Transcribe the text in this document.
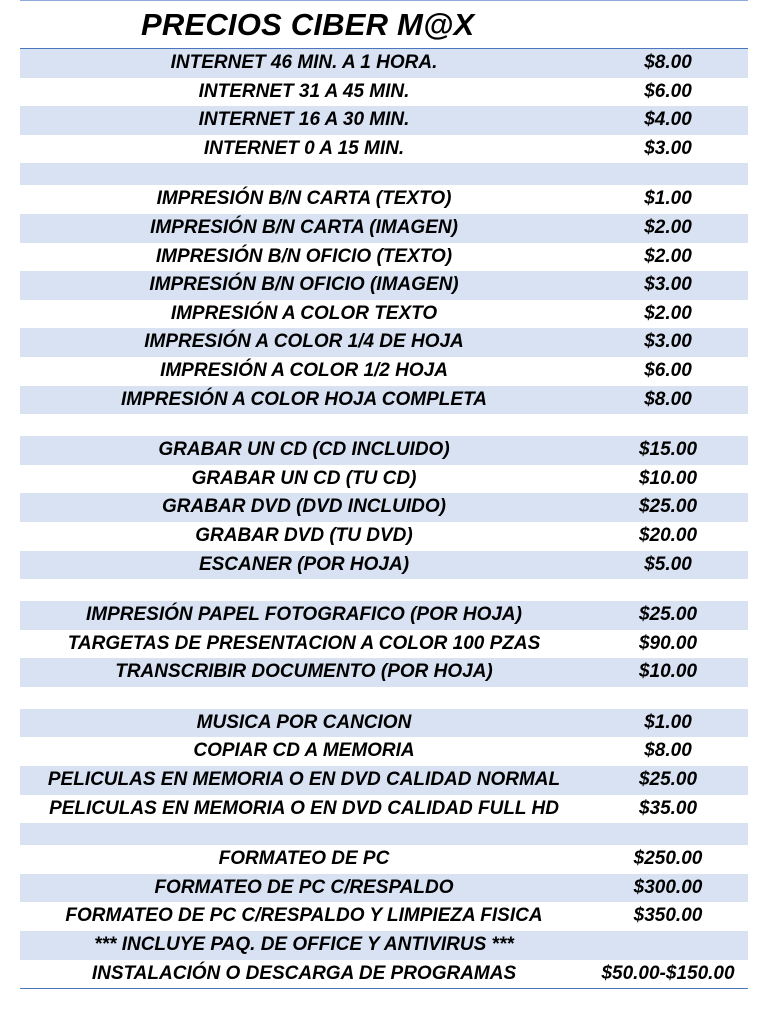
PRECIOS CIBER M@X
INTERNET 46 MIN. A 1 HORA.	$8.00
INTERNET 31 A 45 MIN.	$6.00
INTERNET 16 A 30 MIN.	$4.00
INTERNET 0 A 15 MIN.	$3.00
IMPRESIÓN B/N CARTA (TEXTO)	$1.00
IMPRESIÓN B/N CARTA (IMAGEN)	$2.00
IMPRESIÓN B/N OFICIO (TEXTO)	$2.00
IMPRESIÓN B/N OFICIO (IMAGEN)	$3.00
IMPRESIÓN A COLOR TEXTO	$2.00
IMPRESIÓN A COLOR 1/4 DE HOJA	$3.00
IMPRESIÓN A COLOR 1/2 HOJA	$6.00
IMPRESIÓN A COLOR HOJA COMPLETA	$8.00
GRABAR UN CD (CD INCLUIDO)	$15.00
GRABAR UN CD (TU CD)	$10.00
GRABAR DVD (DVD INCLUIDO)	$25.00
GRABAR DVD (TU DVD)	$20.00
ESCANER (POR HOJA)	$5.00
IMPRESIÓN PAPEL FOTOGRAFICO (POR HOJA)	$25.00
TARGETAS DE PRESENTACION A COLOR 100 PZAS	$90.00
TRANSCRIBIR DOCUMENTO (POR HOJA)	$10.00
MUSICA POR CANCION	$1.00
COPIAR CD A MEMORIA	$8.00
PELICULAS EN MEMORIA O EN DVD CALIDAD NORMAL	$25.00
PELICULAS EN MEMORIA O EN DVD CALIDAD FULL HD	$35.00
FORMATEO DE PC	$250.00
FORMATEO DE PC C/RESPALDO	$300.00
FORMATEO DE PC C/RESPALDO Y LIMPIEZA FISICA	$350.00
*** INCLUYE PAQ. DE OFFICE Y ANTIVIRUS ***
INSTALACIÓN O DESCARGA DE PROGRAMAS	$50.00-$150.00
